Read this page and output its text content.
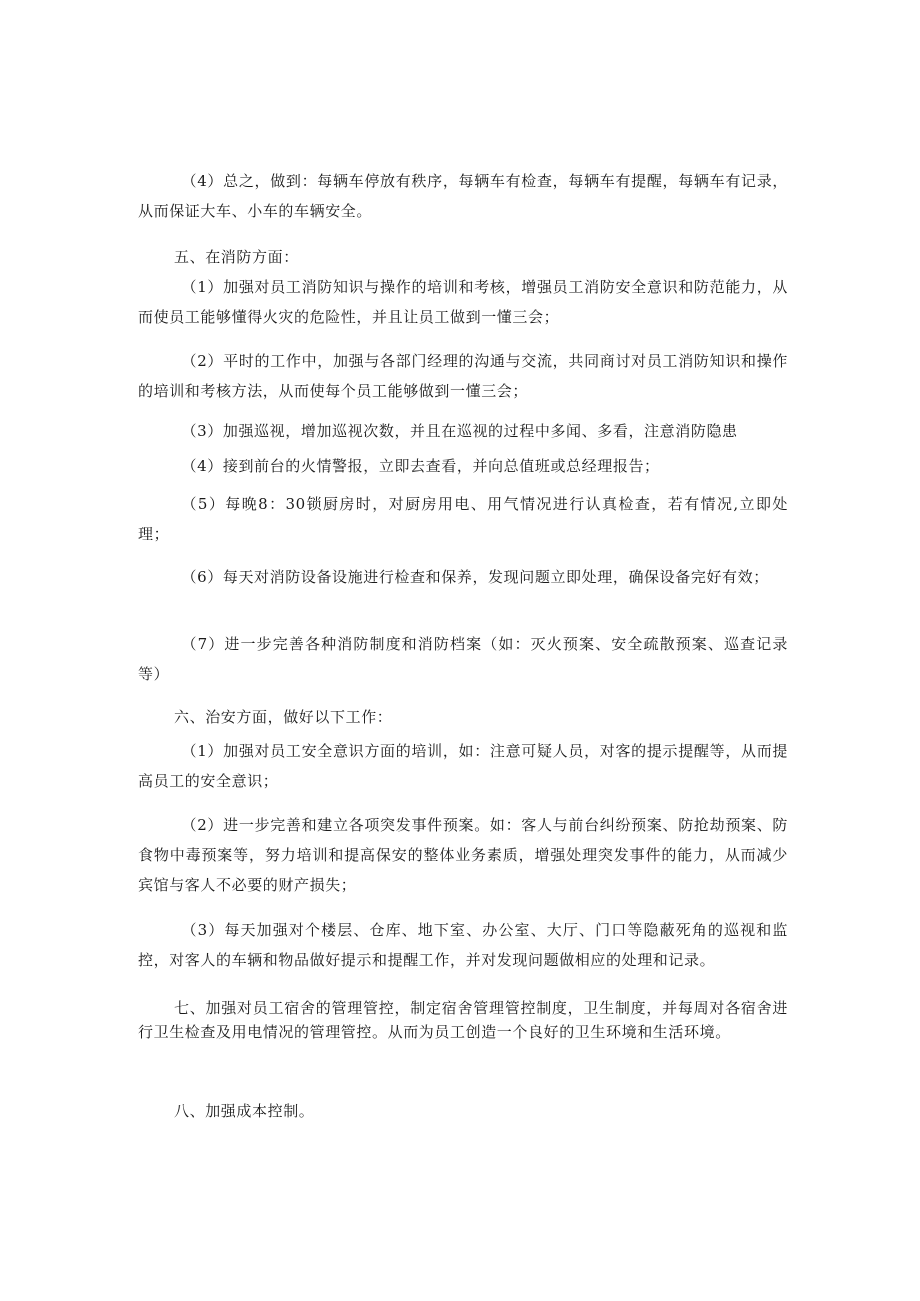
（4）总之，做到：每辆车停放有秩序，每辆车有检查，每辆车有提醒，每辆车有记录，从而保证大车、小车的车辆安全。

五、在消防方面：

（1）加强对员工消防知识与操作的培训和考核，增强员工消防安全意识和防范能力，从而使员工能够懂得火灾的危险性，并且让员工做到一懂三会；

（2）平时的工作中，加强与各部门经理的沟通与交流，共同商讨对员工消防知识和操作的培训和考核方法，从而使每个员工能够做到一懂三会；

（3）加强巡视，增加巡视次数，并且在巡视的过程中多闻、多看，注意消防隐患

（4）接到前台的火情警报，立即去查看，并向总值班或总经理报告；

（5）每晚8：30锁厨房时，对厨房用电、用气情况进行认真检查，若有情况,立即处理；

（6）每天对消防设备设施进行检查和保养，发现问题立即处理，确保设备完好有效；

（7）进一步完善各种消防制度和消防档案（如：灭火预案、安全疏散预案、巡查记录等）

六、治安方面，做好以下工作：

（1）加强对员工安全意识方面的培训，如：注意可疑人员，对客的提示提醒等，从而提高员工的安全意识；

（2）进一步完善和建立各项突发事件预案。如：客人与前台纠纷预案、防抢劫预案、防食物中毒预案等，努力培训和提高保安的整体业务素质，增强处理突发事件的能力，从而减少宾馆与客人不必要的财产损失；

（3）每天加强对个楼层、仓库、地下室、办公室、大厅、门口等隐蔽死角的巡视和监控，对客人的车辆和物品做好提示和提醒工作，并对发现问题做相应的处理和记录。

七、加强对员工宿舍的管理管控，制定宿舍管理管控制度，卫生制度，并每周对各宿舍进行卫生检查及用电情况的管理管控。从而为员工创造一个良好的卫生环境和生活环境。

八、加强成本控制。
